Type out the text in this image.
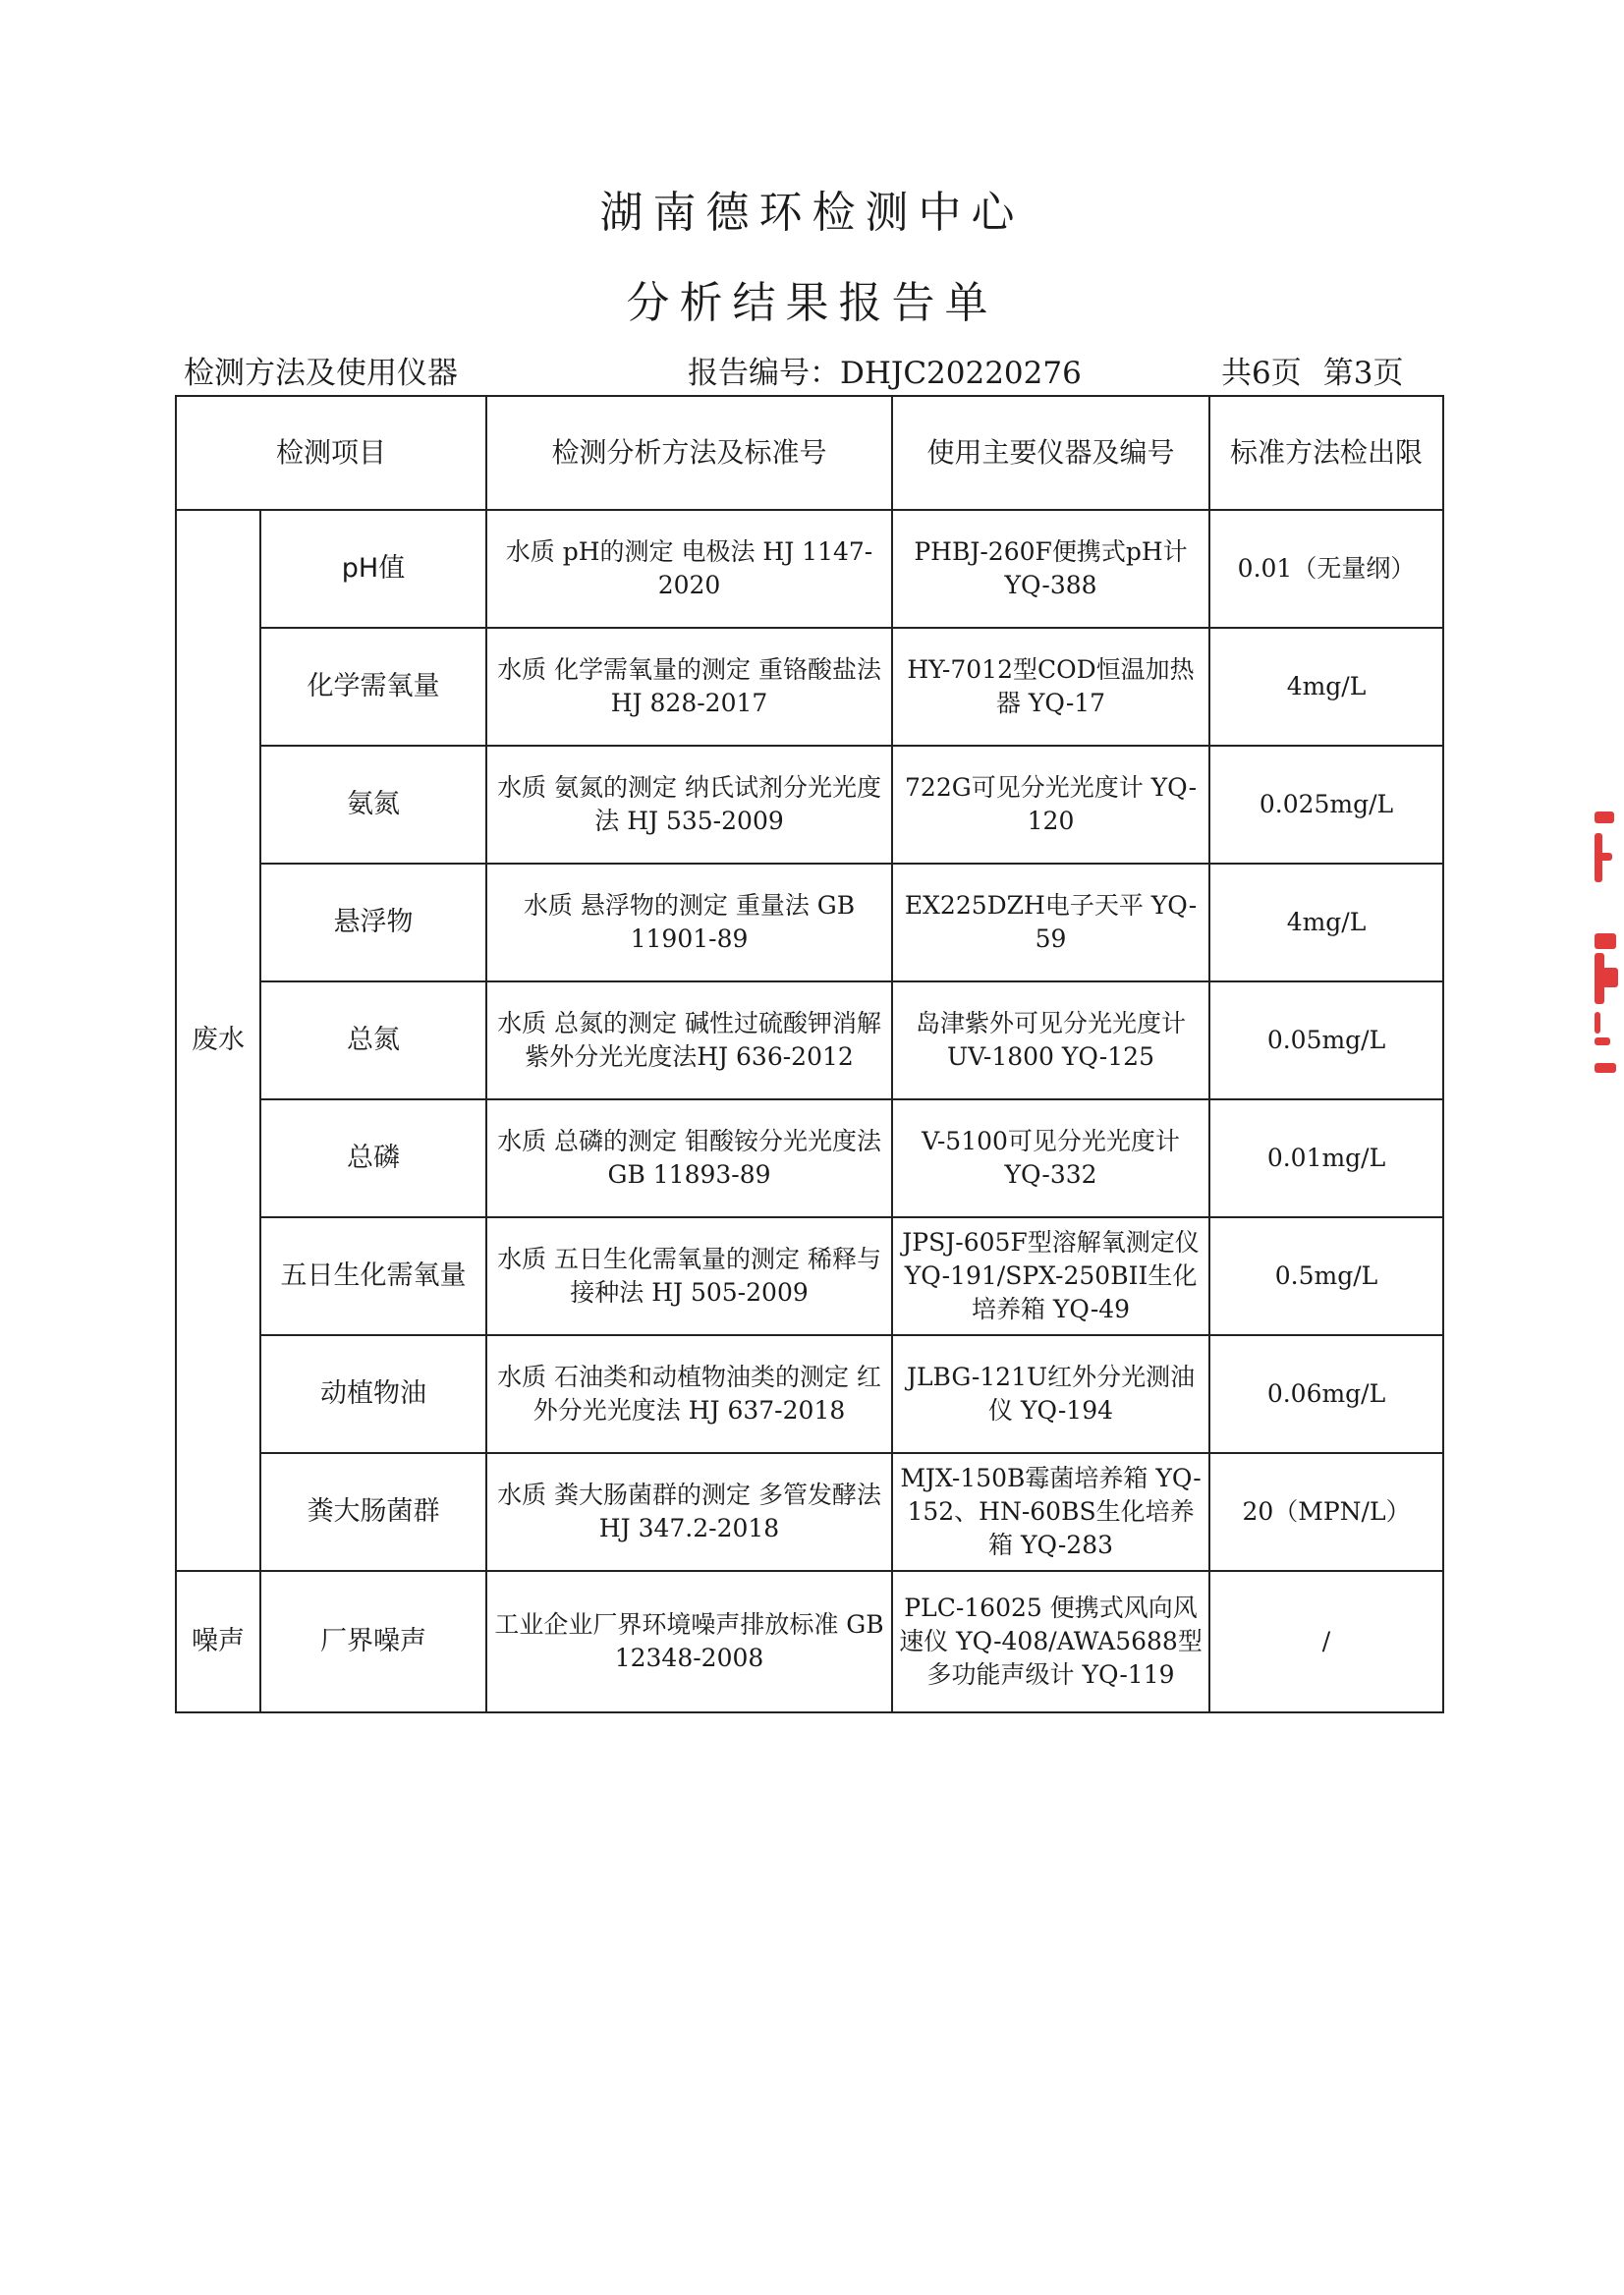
湖南德环检测中心
分析结果报告单
检测方法及使用仪器	报告编号：DHJC20220276	共6页 第3页
检测项目		检测分析方法及标准号	使用主要仪器及编号	标准方法检出限
废水	pH值	水质 pH的测定 电极法 HJ 1147-2020	PHBJ-260F便携式pH计 YQ-388	0.01（无量纲）
	化学需氧量	水质 化学需氧量的测定 重铬酸盐法 HJ 828-2017	HY-7012型COD恒温加热器 YQ-17	4mg/L
	氨氮	水质 氨氮的测定 纳氏试剂分光光度法 HJ 535-2009	722G可见分光光度计 YQ-120	0.025mg/L
	悬浮物	水质 悬浮物的测定 重量法 GB 11901-89	EX225DZH电子天平 YQ-59	4mg/L
	总氮	水质 总氮的测定 碱性过硫酸钾消解紫外分光光度法HJ 636-2012	岛津紫外可见分光光度计 UV-1800 YQ-125	0.05mg/L
	总磷	水质 总磷的测定 钼酸铵分光光度法 GB 11893-89	V-5100可见分光光度计 YQ-332	0.01mg/L
	五日生化需氧量	水质 五日生化需氧量的测定 稀释与接种法 HJ 505-2009	JPSJ-605F型溶解氧测定仪 YQ-191/SPX-250BII生化培养箱 YQ-49	0.5mg/L
	动植物油	水质 石油类和动植物油类的测定 红外分光光度法 HJ 637-2018	JLBG-121U红外分光测油仪 YQ-194	0.06mg/L
	粪大肠菌群	水质 粪大肠菌群的测定 多管发酵法HJ 347.2-2018	MJX-150B霉菌培养箱 YQ-152、HN-60BS生化培养箱 YQ-283	20（MPN/L）
噪声	厂界噪声	工业企业厂界环境噪声排放标准 GB 12348-2008	PLC-16025 便携式风向风速仪 YQ-408/AWA5688型多功能声级计 YQ-119	/
